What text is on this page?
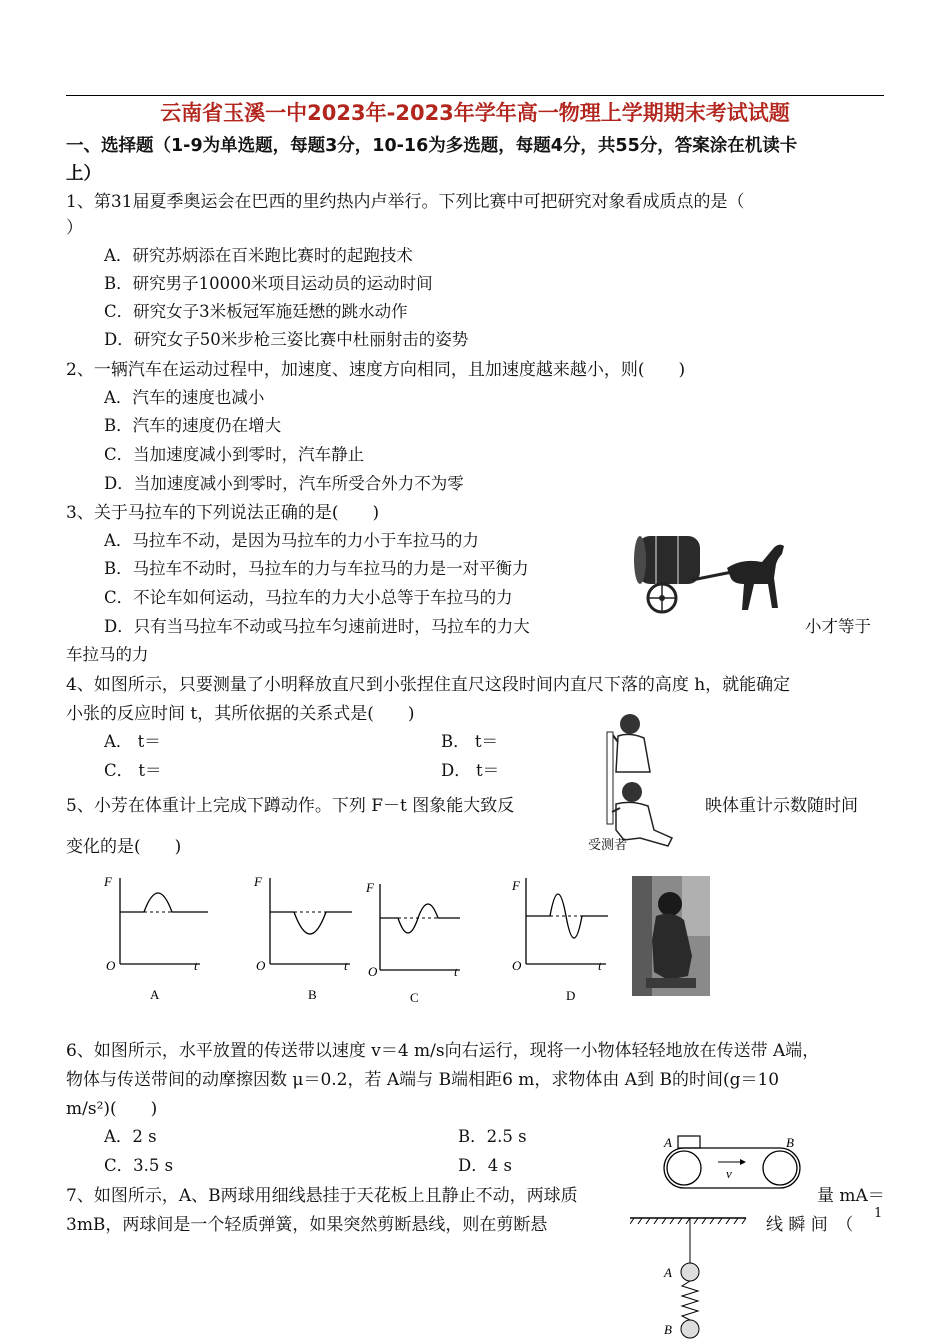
云南省玉溪一中2023年-2023年学年高一物理上学期期末考试试题
一、选择题（1-9为单选题，每题3分，10-16为多选题，每题4分，共55分，答案涂在机读卡
上）
1、第31届夏季奥运会在巴西的里约热内卢举行。下列比赛中可把研究对象看成质点的是（
）
A．研究苏炳添在百米跑比赛时的起跑技术
B．研究男子10000米项目运动员的运动时间
C．研究女子3米板冠军施廷懋的跳水动作
D．研究女子50米步枪三姿比赛中杜丽射击的姿势
2、一辆汽车在运动过程中，加速度、速度方向相同，且加速度越来越小，则(　　)
A．汽车的速度也减小
B．汽车的速度仍在增大
C．当加速度减小到零时，汽车静止
D．当加速度减小到零时，汽车所受合外力不为零
3、关于马拉车的下列说法正确的是(　　)
A．马拉车不动，是因为马拉车的力小于车拉马的力
B．马拉车不动时，马拉车的力与车拉马的力是一对平衡力
C．不论车如何运动，马拉车的力大小总等于车拉马的力
D．只有当马拉车不动或马拉车匀速前进时，马拉车的力大	小才等于
车拉马的力
4、如图所示，只要测量了小明释放直尺到小张捏住直尺这段时间内直尺下落的高度 h，就能确定
小张的反应时间 t，其所依据的关系式是(　　)
A． t＝	B． t＝
C． t＝	D． t＝
受测者
5、小芳在体重计上完成下蹲动作。下列 F－t 图象能大致反	映体重计示数随时间
变化的是(　　)
F
O	t
A
F
O	t
B
F
O	t
C
F
O	t
D
6、如图所示，水平放置的传送带以速度 v＝4 m/s向右运行，现将一小物体轻轻地放在传送带 A端，
物体与传送带间的动摩擦因数 μ＝0.2，若 A端与 B端相距6 m，求物体由 A到 B的时间(g＝10
m/s²)(　　)
A．2 s	B．2.5 s
C．3.5 s	D．4 s
A	B
v
7、如图所示，A、B两球用细线悬挂于天花板上且静止不动，两球质	量 mA＝
3mB，两球间是一个轻质弹簧，如果突然剪断悬线，则在剪断悬	线 瞬 间　（
A
B
1
